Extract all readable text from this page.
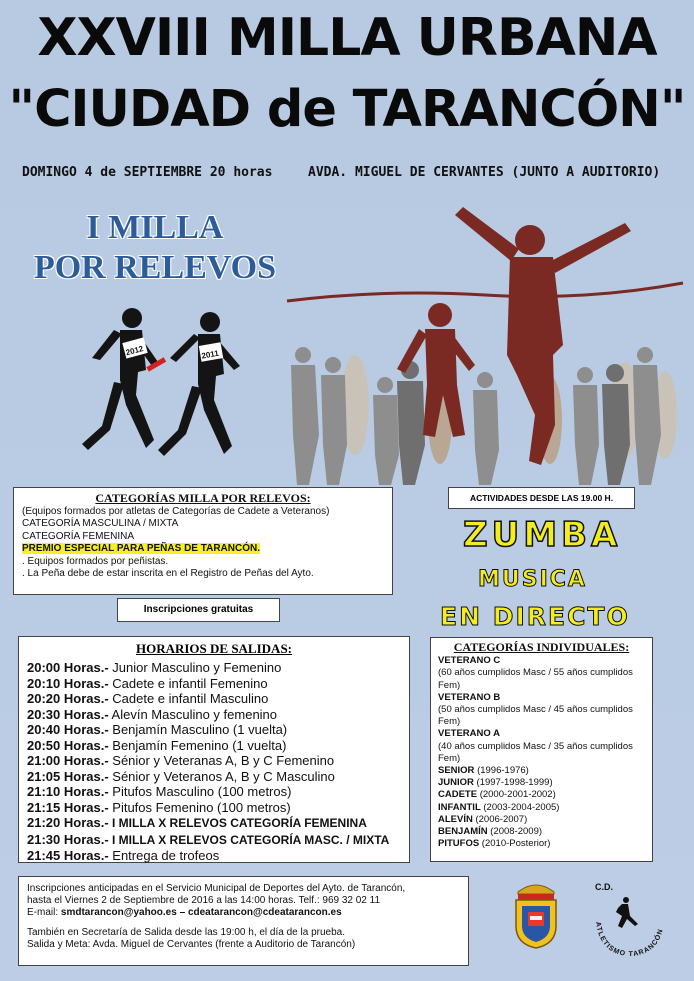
XXVIII MILLA URBANA
"CIUDAD de TARANCÓN"
DOMINGO 4 de SEPTIEMBRE 20 horas	AVDA. MIGUEL DE CERVANTES (JUNTO A AUDITORIO)
I MILLA
POR RELEVOS
2012	2011
CATEGORÍAS MILLA POR RELEVOS:
(Equipos formados por atletas de Categorías de Cadete a Veteranos)
CATEGORÍA MASCULINA / MIXTA
CATEGORÍA FEMENINA
PREMIO ESPECIAL PARA PEÑAS DE TARANCÓN.
. Equipos formados por peñistas.
. La Peña debe de estar inscrita en el Registro de Peñas del Ayto.
Inscripciones gratuitas
ACTIVIDADES DESDE LAS 19.00 H.
ZUMBA
MUSICA
EN DIRECTO
HORARIOS DE SALIDAS:
20:00 Horas.- Junior Masculino y Femenino
20:10 Horas.- Cadete e infantil Femenino
20:20 Horas.- Cadete e infantil Masculino
20:30 Horas.- Alevín Masculino y femenino
20:40 Horas.- Benjamín Masculino (1 vuelta)
20:50 Horas.- Benjamín Femenino (1 vuelta)
21:00 Horas.- Sénior y Veteranas A, B y C Femenino
21:05 Horas.- Sénior y Veteranos A, B y C Masculino
21:10 Horas.- Pitufos Masculino (100 metros)
21:15 Horas.- Pitufos Femenino (100 metros)
21:20 Horas.- I MILLA X RELEVOS CATEGORÍA FEMENINA
21:30 Horas.- I MILLA X RELEVOS CATEGORÍA MASC. / MIXTA
21:45 Horas.- Entrega de trofeos
CATEGORÍAS INDIVIDUALES:
VETERANO C
(60 años cumplidos Masc / 55 años cumplidos Fem)
VETERANO B
(50 años cumplidos Masc / 45 años cumplidos Fem)
VETERANO A
(40 años cumplidos Masc / 35 años cumplidos Fem)
SENIOR (1996-1976)
JUNIOR (1997-1998-1999)
CADETE (2000-2001-2002)
INFANTIL (2003-2004-2005)
ALEVÍN (2006-2007)
BENJAMÍN (2008-2009)
PITUFOS (2010-Posterior)
Inscripciones anticipadas en el Servicio Municipal de Deportes del Ayto. de Tarancón,
hasta el Viernes 2 de Septiembre de 2016 a las 14:00 horas. Telf.: 969 32 02 11
E-mail: smdtarancon@yahoo.es – cdeatarancon@cdeatarancon.es
También en Secretaría de Salida desde las 19:00 h, el día de la prueba.
Salida y Meta: Avda. Miguel de Cervantes (frente a Auditorio de Tarancón)
C.D.
ATLETISMO TARANCÓN
